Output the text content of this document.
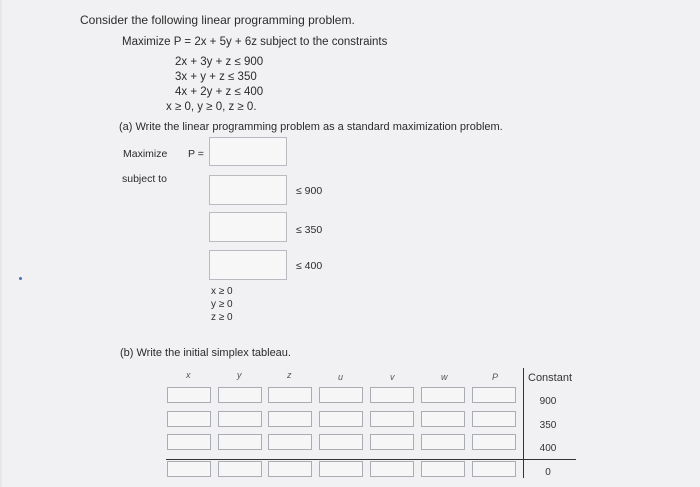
Consider the following linear programming problem.
Maximize P = 2x + 5y + 6z subject to the constraints
2x + 3y + z ≤ 900
3x + y + z ≤ 350
4x + 2y + z ≤ 400
x ≥ 0, y ≥ 0, z ≥ 0.
(a) Write the linear programming problem as a standard maximization problem.
Maximize P =
subject to
≤ 900
≤ 350
≤ 400
x ≥ 0
y ≥ 0
z ≥ 0
(b) Write the initial simplex tableau.
x	y	z	u	v	w	P	Constant
900
350
400
0
